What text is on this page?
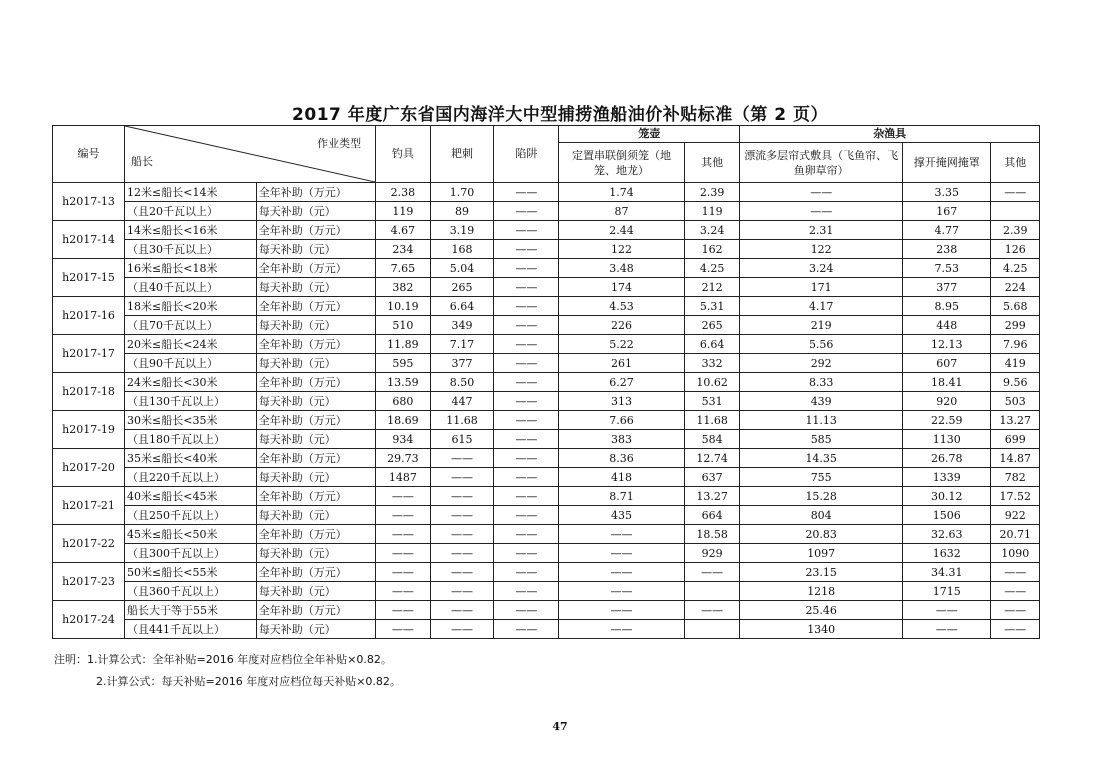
2017 年度广东省国内海洋大中型捕捞渔船油价补贴标准（第 2 页）
编号	作业类型
船长		钓具	耙刺	陷阱	笼壶		杂渔具		
						定置串联倒须笼（地笼、地龙）	其他	漂流多层帘式敷具（飞鱼帘、飞鱼卵草帘）	撑开掩网掩罩	其他
h2017-13	12米≤船长<14米	全年补助（万元）	2.38	1.70	——	1.74	2.39	——	3.35	——
	（且20千瓦以上）	每天补助（元）	119	89	——	87	119	——	167	
h2017-14	14米≤船长<16米	全年补助（万元）	4.67	3.19	——	2.44	3.24	2.31	4.77	2.39
	（且30千瓦以上）	每天补助（元）	234	168	——	122	162	122	238	126
h2017-15	16米≤船长<18米	全年补助（万元）	7.65	5.04	——	3.48	4.25	3.24	7.53	4.25
	（且40千瓦以上）	每天补助（元）	382	265	——	174	212	171	377	224
h2017-16	18米≤船长<20米	全年补助（万元）	10.19	6.64	——	4.53	5.31	4.17	8.95	5.68
	（且70千瓦以上）	每天补助（元）	510	349	——	226	265	219	448	299
h2017-17	20米≤船长<24米	全年补助（万元）	11.89	7.17	——	5.22	6.64	5.56	12.13	7.96
	（且90千瓦以上）	每天补助（元）	595	377	——	261	332	292	607	419
h2017-18	24米≤船长<30米	全年补助（万元）	13.59	8.50	——	6.27	10.62	8.33	18.41	9.56
	（且130千瓦以上）	每天补助（元）	680	447	——	313	531	439	920	503
h2017-19	30米≤船长<35米	全年补助（万元）	18.69	11.68	——	7.66	11.68	11.13	22.59	13.27
	（且180千瓦以上）	每天补助（元）	934	615	——	383	584	585	1130	699
h2017-20	35米≤船长<40米	全年补助（万元）	29.73	——	——	8.36	12.74	14.35	26.78	14.87
	（且220千瓦以上）	每天补助（元）	1487	——	——	418	637	755	1339	782
h2017-21	40米≤船长<45米	全年补助（万元）	——	——	——	8.71	13.27	15.28	30.12	17.52
	（且250千瓦以上）	每天补助（元）	——	——	——	435	664	804	1506	922
h2017-22	45米≤船长<50米	全年补助（万元）	——	——	——	——	18.58	20.83	32.63	20.71
	（且300千瓦以上）	每天补助（元）	——	——	——	——	929	1097	1632	1090
h2017-23	50米≤船长<55米	全年补助（万元）	——	——	——	——	——	23.15	34.31	——
	（且360千瓦以上）	每天补助（元）	——	——	——	——		1218	1715	——
h2017-24	船长大于等于55米	全年补助（万元）	——	——	——	——	——	25.46	——	——
	（且441千瓦以上）	每天补助（元）	——	——	——	——		1340	——	——
注明：1.计算公式：全年补贴=2016 年度对应档位全年补贴×0.82。
2.计算公式：每天补贴=2016 年度对应档位每天补贴×0.82。
47
